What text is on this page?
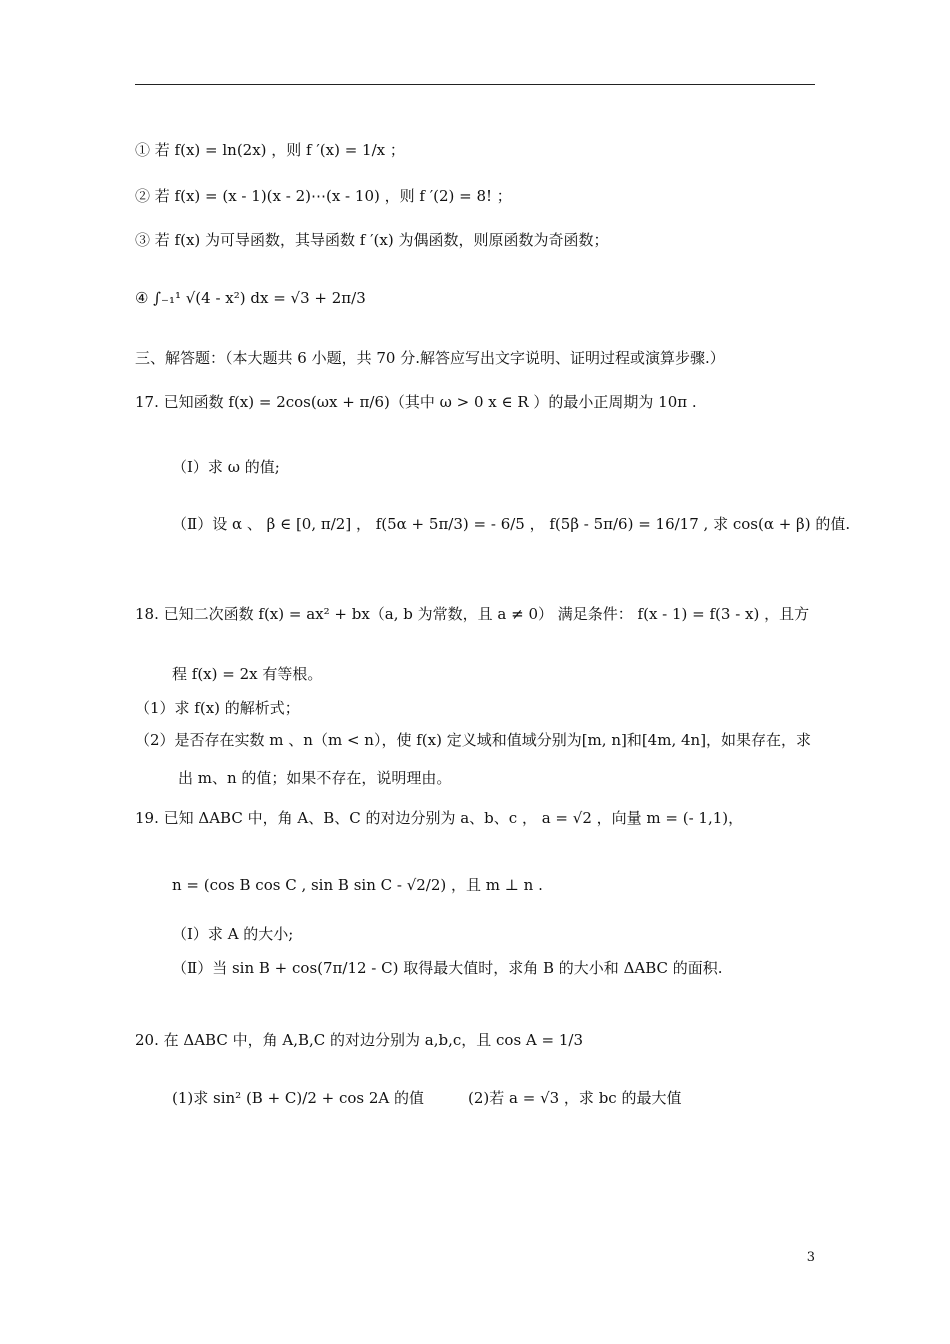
① 若 f(x) = ln(2x) ，则 f ′(x) = 1/x ；
② 若 f(x) = (x - 1)(x - 2)⋯(x - 10) ，则 f ′(2) = 8! ；
③ 若 f(x) 为可导函数，其导函数 f ′(x) 为偶函数，则原函数为奇函数；
④ ∫₋₁¹ √(4 - x²) dx = √3 + 2π/3
三、解答题：（本大题共 6 小题，共 70 分.解答应写出文字说明、证明过程或演算步骤.）
17. 已知函数 f(x) = 2cos(ωx + π/6)（其中 ω > 0 x ∈ R ）的最小正周期为 10π .
（Ⅰ）求 ω 的值;
（Ⅱ）设 α 、 β ∈ [0, π/2] ， f(5α + 5π/3) = - 6/5 ， f(5β - 5π/6) = 16/17 , 求 cos(α + β) 的值.
18. 已知二次函数 f(x) = ax² + bx（a, b 为常数，且 a ≠ 0） 满足条件： f(x - 1) = f(3 - x) ，且方
程 f(x) = 2x 有等根。
（1）求 f(x) 的解析式；
（2）是否存在实数 m 、n（m < n），使 f(x) 定义域和值域分别为[m, n]和[4m, 4n]，如果存在，求
出 m、n 的值；如果不存在，说明理由。
19. 已知 ΔABC 中，角 A、B、C 的对边分别为 a、b、c ， a = √2 ，向量 m = (- 1,1)，
n = (cos B cos C , sin B sin C - √2/2) ，且 m ⊥ n .
（Ⅰ）求 A 的大小;
（Ⅱ）当 sin B + cos(7π/12 - C) 取得最大值时，求角 B 的大小和 ΔABC 的面积.
20. 在 ΔABC 中，角 A,B,C 的对边分别为 a,b,c，且 cos A = 1/3
(1)求 sin² (B + C)/2 + cos 2A 的值	(2)若 a = √3 ，求 bc 的最大值
3
